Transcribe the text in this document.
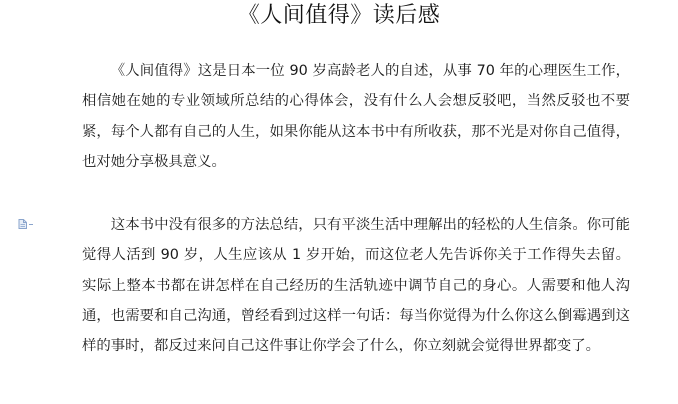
《人间值得》读后感

《人间值得》这是日本一位 90 岁高龄老人的自述，从事 70 年的心理医生工作，相信她在她的专业领域所总结的心得体会，没有什么人会想反驳吧，当然反驳也不要紧，每个人都有自己的人生，如果你能从这本书中有所收获，那不光是对你自己值得，也对她分享极具意义。

这本书中没有很多的方法总结，只有平淡生活中理解出的轻松的人生信条。你可能觉得人活到 90 岁，人生应该从 1 岁开始，而这位老人先告诉你关于工作得失去留。实际上整本书都在讲怎样在自己经历的生活轨迹中调节自己的身心。人需要和他人沟通，也需要和自己沟通，曾经看到过这样一句话：每当你觉得为什么你这么倒霉遇到这样的事时，都反过来问自己这件事让你学会了什么，你立刻就会觉得世界都变了。
